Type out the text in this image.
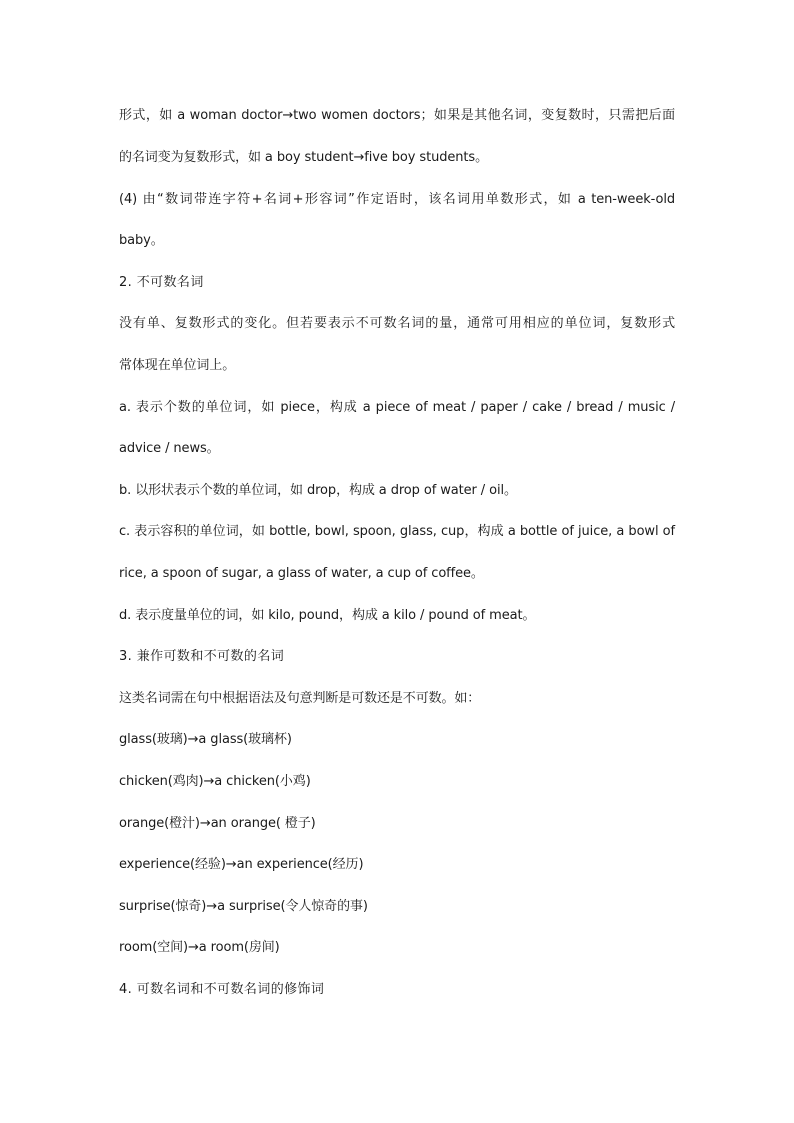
形式，如 a woman doctor→two women doctors；如果是其他名词，变复数时，只需把后面
的名词变为复数形式，如 a boy student→five boy students。
(4) 由“数词带连字符+名词+形容词”作定语时，该名词用单数形式，如 a ten-week-old
baby。
2. 不可数名词
没有单、复数形式的变化。但若要表示不可数名词的量，通常可用相应的单位词，复数形式
常体现在单位词上。
a. 表示个数的单位词，如 piece，构成 a piece of meat / paper / cake / bread / music /
advice / news。
b. 以形状表示个数的单位词，如 drop，构成 a drop of water / oil。
c. 表示容积的单位词，如 bottle, bowl, spoon, glass, cup，构成 a bottle of juice, a bowl of
rice, a spoon of sugar, a glass of water, a cup of coffee。
d. 表示度量单位的词，如 kilo, pound，构成 a kilo / pound of meat。
3. 兼作可数和不可数的名词
这类名词需在句中根据语法及句意判断是可数还是不可数。如：
glass(玻璃)→a glass(玻璃杯)
chicken(鸡肉)→a chicken(小鸡)
orange(橙汁)→an orange( 橙子)
experience(经验)→an experience(经历)
surprise(惊奇)→a surprise(令人惊奇的事)
room(空间)→a room(房间)
4. 可数名词和不可数名词的修饰词
